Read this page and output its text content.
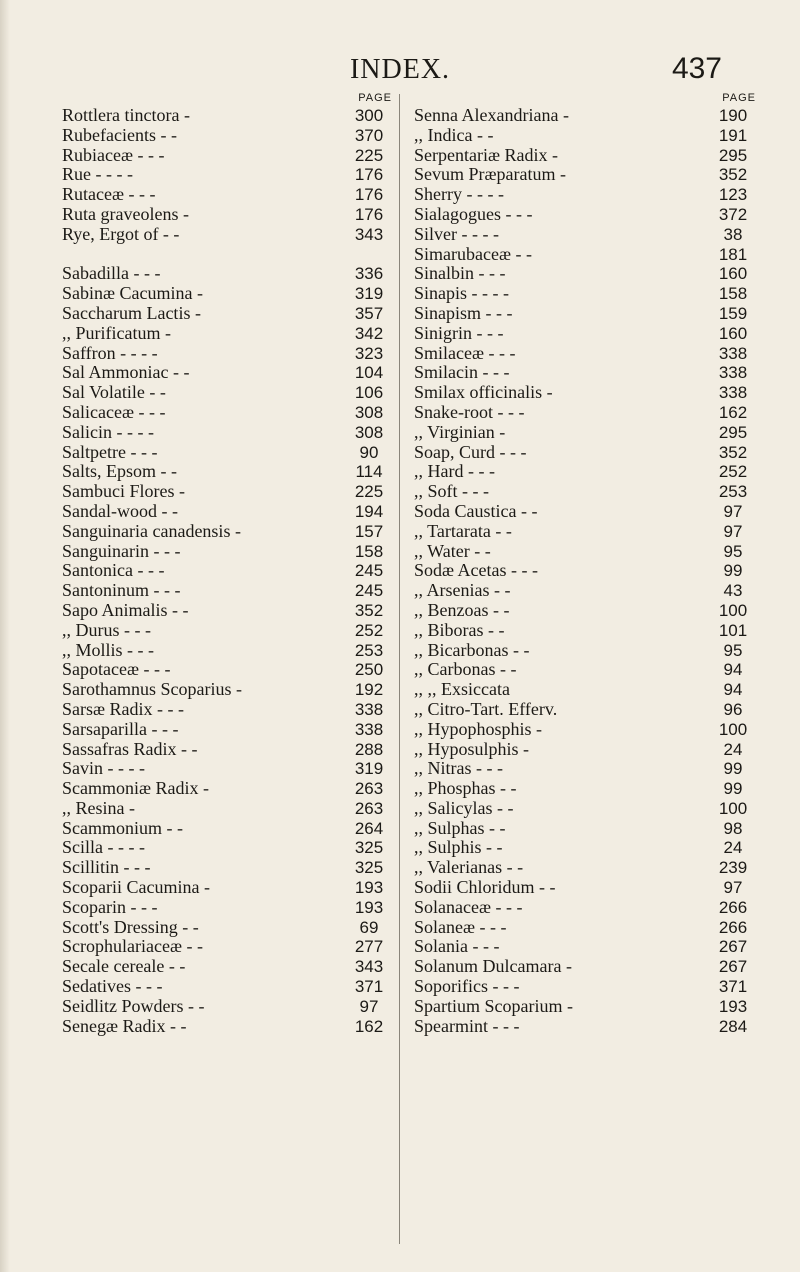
INDEX.	437
PAGE
Rottlera tinctora -	300
Rubefacients - -	370
Rubiaceæ - - -	225
Rue - - - -	176
Rutaceæ - - -	176
Ruta graveolens -	176
Rye, Ergot of - -	343
Sabadilla - - -	336
Sabinæ Cacumina -	319
Saccharum Lactis -	357
,, Purificatum -	342
Saffron - - - -	323
Sal Ammoniac - -	104
Sal Volatile - -	106
Salicaceæ - - -	308
Salicin - - - -	308
Saltpetre - - -	90
Salts, Epsom - -	114
Sambuci Flores -	225
Sandal-wood - -	194
Sanguinaria canadensis -	157
Sanguinarin - - -	158
Santonica - - -	245
Santoninum - - -	245
Sapo Animalis - -	352
,, Durus - - -	252
,, Mollis - - -	253
Sapotaceæ - - -	250
Sarothamnus Scoparius -	192
Sarsæ Radix - - -	338
Sarsaparilla - - -	338
Sassafras Radix - -	288
Savin - - - -	319
Scammoniæ Radix -	263
,, Resina -	263
Scammonium - -	264
Scilla - - - -	325
Scillitin - - -	325
Scoparii Cacumina -	193
Scoparin - - -	193
Scott's Dressing - -	69
Scrophulariaceæ - -	277
Secale cereale - -	343
Sedatives - - -	371
Seidlitz Powders - -	97
Senegæ Radix - -	162
PAGE
Senna Alexandriana -	190
,, Indica - -	191
Serpentariæ Radix -	295
Sevum Præparatum -	352
Sherry - - - -	123
Sialagogues - - -	372
Silver - - - -	38
Simarubaceæ - -	181
Sinalbin - - -	160
Sinapis - - - -	158
Sinapism - - -	159
Sinigrin - - -	160
Smilaceæ - - -	338
Smilacin - - -	338
Smilax officinalis -	338
Snake-root - - -	162
,, Virginian -	295
Soap, Curd - - -	352
,, Hard - - -	252
,, Soft - - -	253
Soda Caustica - -	97
,, Tartarata - -	97
,, Water - -	95
Sodæ Acetas - - -	99
,, Arsenias - -	43
,, Benzoas - -	100
,, Biboras - -	101
,, Bicarbonas - -	95
,, Carbonas - -	94
,, ,, Exsiccata	94
,, Citro-Tart. Efferv.	96
,, Hypophosphis -	100
,, Hyposulphis -	24
,, Nitras - - -	99
,, Phosphas - -	99
,, Salicylas - -	100
,, Sulphas - -	98
,, Sulphis - -	24
,, Valerianas - -	239
Sodii Chloridum - -	97
Solanaceæ - - -	266
Solaneæ - - -	266
Solania - - -	267
Solanum Dulcamara -	267
Soporifics - - -	371
Spartium Scoparium -	193
Spearmint - - -	284
